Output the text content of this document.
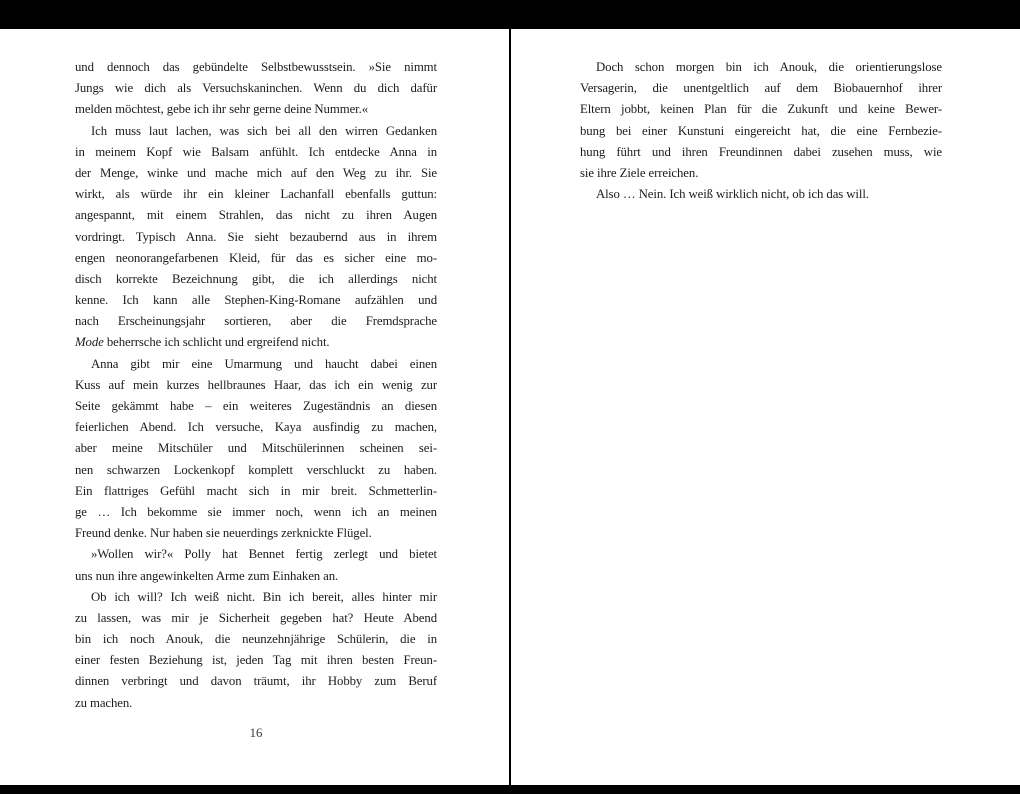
und dennoch das gebündelte Selbstbewusstsein. »Sie nimmt
Jungs wie dich als Versuchskaninchen. Wenn du dich dafür
melden möchtest, gebe ich ihr sehr gerne deine Nummer.«
Ich muss laut lachen, was sich bei all den wirren Gedanken
in meinem Kopf wie Balsam anfühlt. Ich entdecke Anna in
der Menge, winke und mache mich auf den Weg zu ihr. Sie
wirkt, als würde ihr ein kleiner Lachanfall ebenfalls guttun:
angespannt, mit einem Strahlen, das nicht zu ihren Augen
vordringt. Typisch Anna. Sie sieht bezaubernd aus in ihrem
engen neonorangefarbenen Kleid, für das es sicher eine mo-
disch korrekte Bezeichnung gibt, die ich allerdings nicht
kenne. Ich kann alle Stephen-King-Romane aufzählen und
nach Erscheinungsjahr sortieren, aber die Fremdsprache
Mode beherrsche ich schlicht und ergreifend nicht.
Anna gibt mir eine Umarmung und haucht dabei einen
Kuss auf mein kurzes hellbraunes Haar, das ich ein wenig zur
Seite gekämmt habe – ein weiteres Zugeständnis an diesen
feierlichen Abend. Ich versuche, Kaya ausfindig zu machen,
aber meine Mitschüler und Mitschülerinnen scheinen sei-
nen schwarzen Lockenkopf komplett verschluckt zu haben.
Ein flattriges Gefühl macht sich in mir breit. Schmetterlin-
ge … Ich bekomme sie immer noch, wenn ich an meinen
Freund denke. Nur haben sie neuerdings zerknickte Flügel.
»Wollen wir?« Polly hat Bennet fertig zerlegt und bietet
uns nun ihre angewinkelten Arme zum Einhaken an.
Ob ich will? Ich weiß nicht. Bin ich bereit, alles hinter mir
zu lassen, was mir je Sicherheit gegeben hat? Heute Abend
bin ich noch Anouk, die neunzehnjährige Schülerin, die in
einer festen Beziehung ist, jeden Tag mit ihren besten Freun-
dinnen verbringt und davon träumt, ihr Hobby zum Beruf
zu machen.
16
Doch schon morgen bin ich Anouk, die orientierungslose
Versagerin, die unentgeltlich auf dem Biobauernhof ihrer
Eltern jobbt, keinen Plan für die Zukunft und keine Bewer-
bung bei einer Kunstuni eingereicht hat, die eine Fernbezie-
hung führt und ihren Freundinnen dabei zusehen muss, wie
sie ihre Ziele erreichen.
Also … Nein. Ich weiß wirklich nicht, ob ich das will.
